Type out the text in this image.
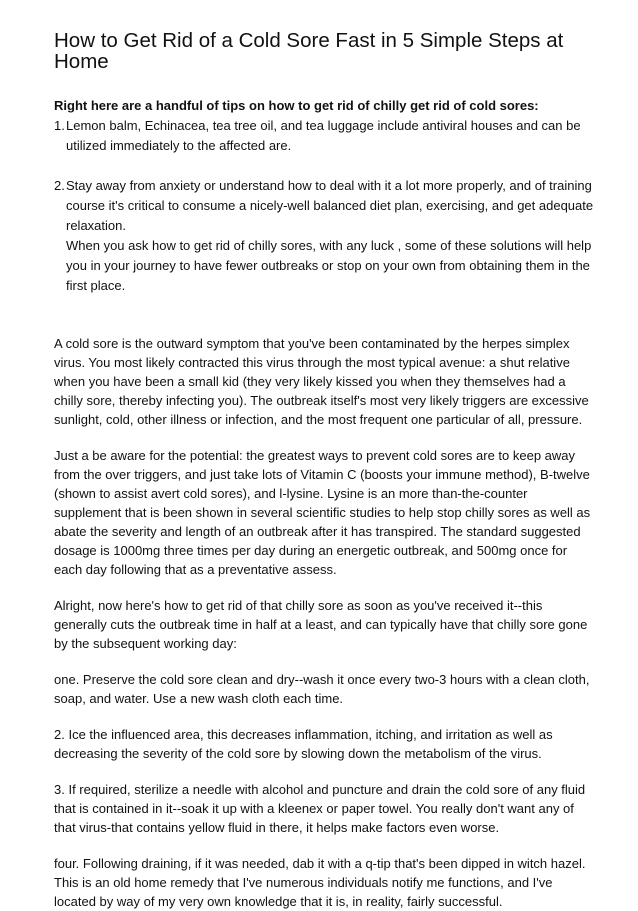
How to Get Rid of a Cold Sore Fast in 5 Simple Steps at Home

Right here are a handful of tips on how to get rid of chilly get rid of cold sores:

1. Lemon balm, Echinacea, tea tree oil, and tea luggage include antiviral houses and can be utilized immediately to the affected are.

2. Stay away from anxiety or understand how to deal with it a lot more properly, and of training course it's critical to consume a nicely-well balanced diet plan, exercising, and get adequate relaxation.

When you ask how to get rid of chilly sores, with any luck , some of these solutions will help you in your journey to have fewer outbreaks or stop on your own from obtaining them in the first place.

A cold sore is the outward symptom that you've been contaminated by the herpes simplex virus. You most likely contracted this virus through the most typical avenue: a shut relative when you have been a small kid (they very likely kissed you when they themselves had a chilly sore, thereby infecting you). The outbreak itself's most very likely triggers are excessive sunlight, cold, other illness or infection, and the most frequent one particular of all, pressure.

Just a be aware for the potential: the greatest ways to prevent cold sores are to keep away from the over triggers, and just take lots of Vitamin C (boosts your immune method), B-twelve (shown to assist avert cold sores), and l-lysine. Lysine is an more than-the-counter supplement that is been shown in several scientific studies to help stop chilly sores as well as abate the severity and length of an outbreak after it has transpired. The standard suggested dosage is 1000mg three times per day during an energetic outbreak, and 500mg once for each day following that as a preventative assess.

Alright, now here's how to get rid of that chilly sore as soon as you've received it--this generally cuts the outbreak time in half at a least, and can typically have that chilly sore gone by the subsequent working day:

one. Preserve the cold sore clean and dry--wash it once every two-3 hours with a clean cloth, soap, and water. Use a new wash cloth each time.

2. Ice the influenced area, this decreases inflammation, itching, and irritation as well as decreasing the severity of the cold sore by slowing down the metabolism of the virus.

3. If required, sterilize a needle with alcohol and puncture and drain the cold sore of any fluid that is contained in it--soak it up with a kleenex or paper towel. You really don't want any of that virus-that contains yellow fluid in there, it helps make factors even worse.

four. Following draining, if it was needed, dab it with a q-tip that's been dipped in witch hazel. This is an old home remedy that I've numerous individuals notify me functions, and I've located by way of my very own knowledge that it is, in reality, fairly successful.
